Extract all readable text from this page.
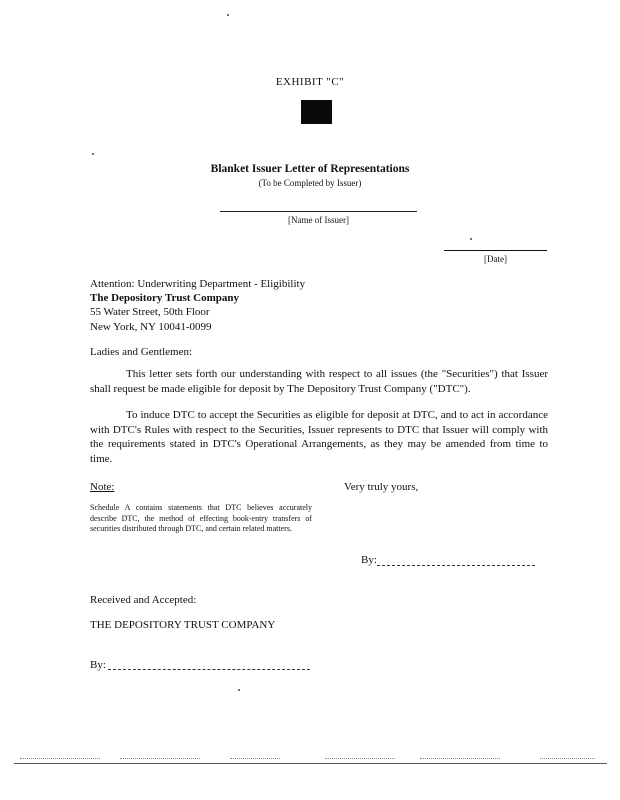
EXHIBIT "C"
Blanket Issuer Letter of Representations
(To be Completed by Issuer)
[Name of Issuer]
[Date]
Attention: Underwriting Department - Eligibility
The Depository Trust Company
55 Water Street, 50th Floor
New York, NY 10041-0099
Ladies and Gentlemen:

This letter sets forth our understanding with respect to all issues (the "Securities") that Issuer shall request be made eligible for deposit by The Depository Trust Company ("DTC").

To induce DTC to accept the Securities as eligible for deposit at DTC, and to act in accordance with DTC's Rules with respect to the Securities, Issuer represents to DTC that Issuer will comply with the requirements stated in DTC's Operational Arrangements, as they may be amended from time to time.

Note:	Very truly yours,
Schedule A contains statements that DTC believes accurately describe DTC, the method of effecting book-entry transfers of securities distributed through DTC, and certain related matters.
By:
Received and Accepted:
THE DEPOSITORY TRUST COMPANY
By:
